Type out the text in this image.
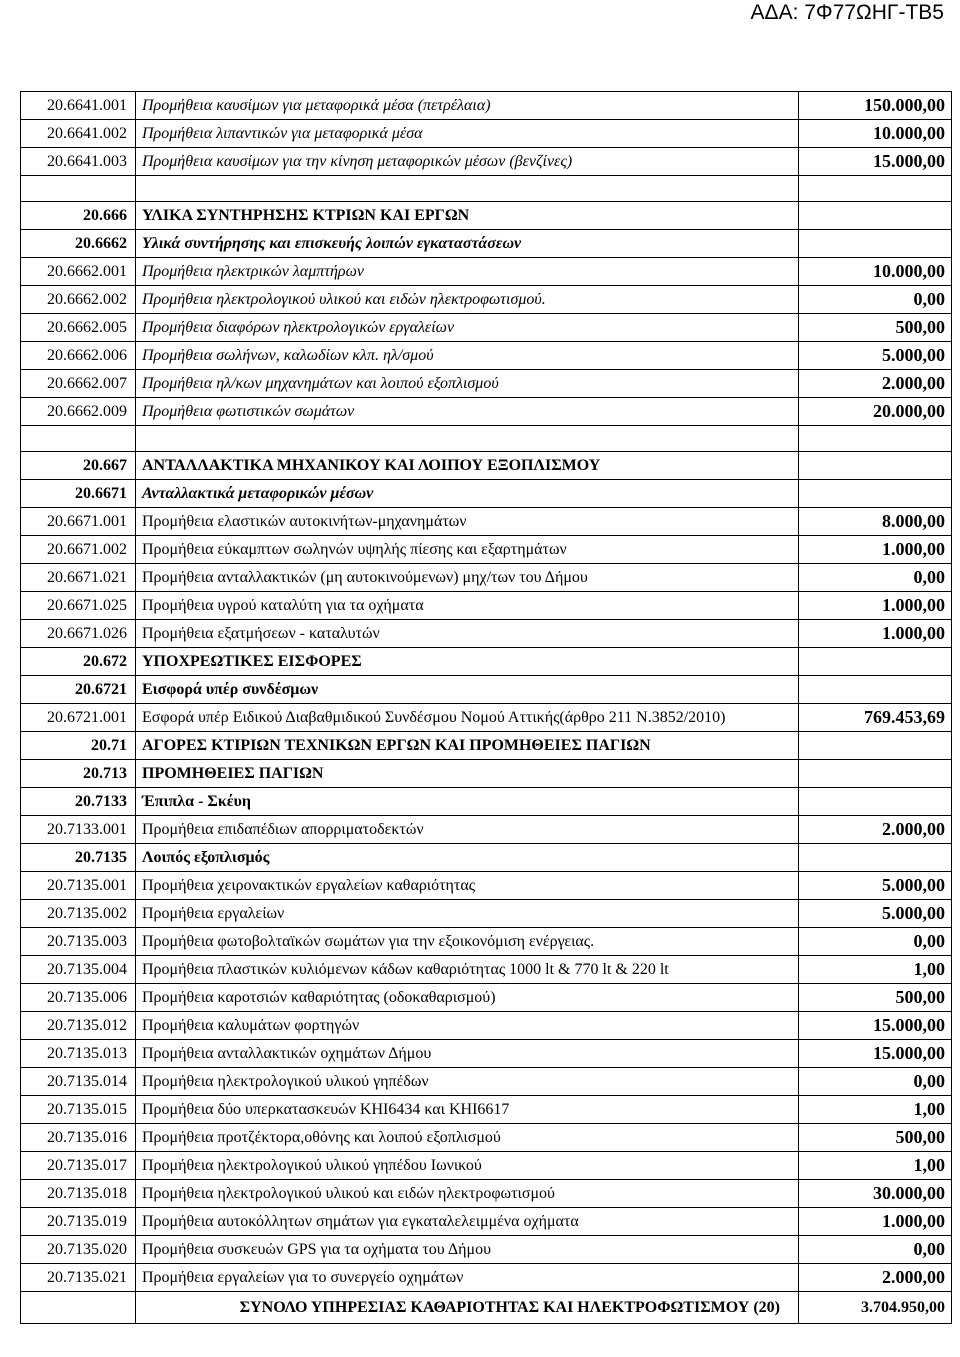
ΑΔΑ: 7Φ77ΩΗΓ-ΤΒ5
20.6641.001	Προμήθεια καυσίμων για μεταφορικά μέσα (πετρέλαια)	150.000,00
20.6641.002	Προμήθεια λιπαντικών για μεταφορικά μέσα	10.000,00
20.6641.003	Προμήθεια καυσίμων για την κίνηση μεταφορικών μέσων (βενζίνες)	15.000,00

20.666	ΥΛΙΚΑ ΣΥΝΤΗΡΗΣΗΣ ΚΤΡΙΩΝ ΚΑΙ ΕΡΓΩΝ	
20.6662	Υλικά συντήρησης και επισκευής λοιπών εγκαταστάσεων	
20.6662.001	Προμήθεια ηλεκτρικών λαμπτήρων	10.000,00
20.6662.002	Προμήθεια ηλεκτρολογικού υλικού και ειδών ηλεκτροφωτισμού.	0,00
20.6662.005	Προμήθεια διαφόρων ηλεκτρολογικών εργαλείων	500,00
20.6662.006	Προμήθεια σωλήνων, καλωδίων κλπ. ηλ/σμού	5.000,00
20.6662.007	Προμήθεια ηλ/κων μηχανημάτων και λοιπού εξοπλισμού	2.000,00
20.6662.009	Προμήθεια φωτιστικών σωμάτων	20.000,00

20.667	ΑΝΤΑΛΛΑΚΤΙΚΑ ΜΗΧΑΝΙΚΟΥ ΚΑΙ ΛΟΙΠΟΥ ΕΞΟΠΛΙΣΜΟΥ	
20.6671	Ανταλλακτικά μεταφορικών μέσων	
20.6671.001	Προμήθεια ελαστικών αυτοκινήτων-μηχανημάτων	8.000,00
20.6671.002	Προμήθεια εύκαμπτων σωληνών υψηλής πίεσης και εξαρτημάτων	1.000,00
20.6671.021	Προμήθεια ανταλλακτικών (μη αυτοκινούμενων) μηχ/των του Δήμου	0,00
20.6671.025	Προμήθεια υγρού καταλύτη για τα οχήματα	1.000,00
20.6671.026	Προμήθεια εξατμήσεων - καταλυτών	1.000,00
20.672	ΥΠΟΧΡΕΩΤΙΚΕΣ ΕΙΣΦΟΡΕΣ	
20.6721	Εισφορά υπέρ συνδέσμων	
20.6721.001	Εσφορά υπέρ Ειδικού Διαβαθμιδικού Συνδέσμου Νομού Αττικής(άρθρο 211 Ν.3852/2010)	769.453,69
20.71	ΑΓΟΡΕΣ ΚΤΙΡΙΩΝ ΤΕΧΝΙΚΩΝ ΕΡΓΩΝ ΚΑΙ ΠΡΟΜΗΘΕΙΕΣ ΠΑΓΙΩΝ	
20.713	ΠΡΟΜΗΘΕΙΕΣ ΠΑΓΙΩΝ	
20.7133	Έπιπλα - Σκέυη	
20.7133.001	Προμήθεια επιδαπέδιων απορριματοδεκτών	2.000,00
20.7135	Λοιπός εξοπλισμός	
20.7135.001	Προμήθεια χειρονακτικών εργαλείων καθαριότητας	5.000,00
20.7135.002	Προμήθεια εργαλείων	5.000,00
20.7135.003	Προμήθεια φωτοβολταϊκών σωμάτων για την εξοικονόμιση ενέργειας.	0,00
20.7135.004	Προμήθεια πλαστικών κυλιόμενων κάδων καθαριότητας 1000 lt & 770 lt & 220 lt	1,00
20.7135.006	Προμήθεια καροτσιών καθαριότητας (οδοκαθαρισμού)	500,00
20.7135.012	Προμήθεια καλυμάτων φορτηγών	15.000,00
20.7135.013	Προμήθεια ανταλλακτικών οχημάτων Δήμου	15.000,00
20.7135.014	Προμήθεια ηλεκτρολογικού υλικού γηπέδων	0,00
20.7135.015	Προμήθεια δύο υπερκατασκευών ΚΗΙ6434 και ΚΗΙ6617	1,00
20.7135.016	Προμήθεια προτζέκτορα,οθόνης και λοιπού εξοπλισμού	500,00
20.7135.017	Προμήθεια ηλεκτρολογικού υλικού γηπέδου Ιωνικού	1,00
20.7135.018	Προμήθεια ηλεκτρολογικού υλικού και ειδών ηλεκτροφωτισμού	30.000,00
20.7135.019	Προμήθεια αυτοκόλλητων σημάτων για εγκαταλελειμμένα οχήματα	1.000,00
20.7135.020	Προμήθεια συσκευών GPS για τα οχήματα του Δήμου	0,00
20.7135.021	Προμήθεια εργαλείων για το συνεργείο οχημάτων	2.000,00
	ΣΥΝΟΛΟ ΥΠΗΡΕΣΙΑΣ ΚΑΘΑΡΙΟΤΗΤΑΣ ΚΑΙ ΗΛΕΚΤΡΟΦΩΤΙΣΜΟΥ (20)	3.704.950,00
